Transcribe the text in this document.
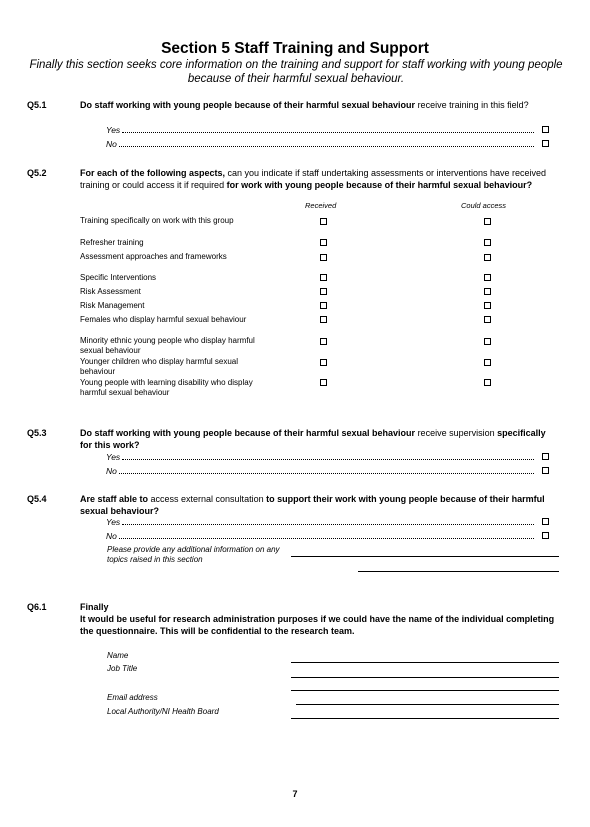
Section 5 Staff Training and Support
Finally this section seeks core information on the training and support for staff working with young people because of their harmful sexual behaviour.
Q5.1	Do staff working with young people because of their harmful sexual behaviour receive training in this field?
Yes
No
Q5.2	For each of the following aspects, can you indicate if staff undertaking assessments or interventions have received training or could access it if required for work with young people because of their harmful sexual behaviour?
Received	Could access
Training specifically on work with this group
Refresher training
Assessment approaches and frameworks
Specific Interventions
Risk Assessment
Risk Management
Females who display harmful sexual behaviour
Minority ethnic young people who display harmful sexual behaviour
Younger children who display harmful sexual behaviour
Young people with learning disability who display harmful sexual behaviour
Q5.3	Do staff working with young people because of their harmful sexual behaviour receive supervision specifically for this work?
Yes
No
Q5.4	Are staff able to access external consultation to support their work with young people because of their harmful sexual behaviour?
Yes
No
Please provide any additional information on any topics raised in this section
Q6.1	Finally
It would be useful for research administration purposes if we could have the name of the individual completing the questionnaire. This will be confidential to the research team.
Name
Job Title
Email address
Local Authority/NI Health Board
7
